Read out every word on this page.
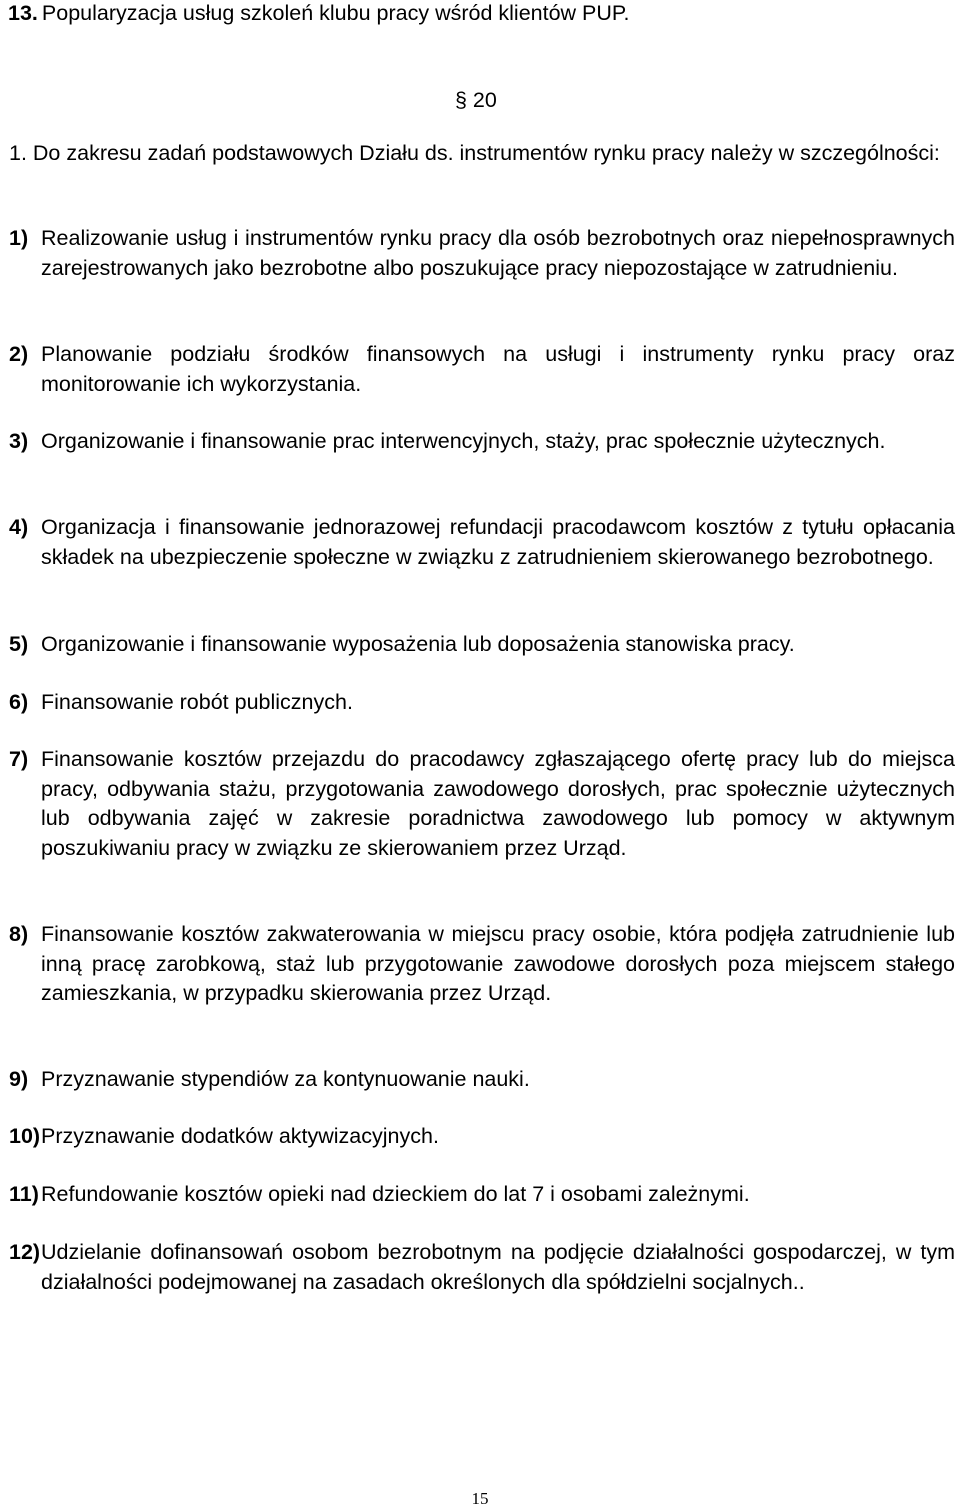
13. Popularyzacja usług szkoleń klubu pracy wśród klientów PUP.
§ 20
1. Do zakresu zadań podstawowych Działu ds. instrumentów rynku pracy należy w szczególności:
1) Realizowanie usług i instrumentów rynku pracy dla osób bezrobotnych oraz niepełnosprawnych zarejestrowanych jako bezrobotne albo poszukujące pracy niepozostające w zatrudnieniu.
2) Planowanie podziału środków finansowych na usługi i instrumenty rynku pracy oraz monitorowanie ich wykorzystania.
3) Organizowanie i finansowanie prac interwencyjnych, staży, prac społecznie użytecznych.
4) Organizacja i finansowanie jednorazowej refundacji pracodawcom kosztów z tytułu opłacania składek na ubezpieczenie społeczne w związku z zatrudnieniem skierowanego bezrobotnego.
5) Organizowanie i finansowanie wyposażenia lub doposażenia stanowiska pracy.
6) Finansowanie robót publicznych.
7) Finansowanie kosztów przejazdu do pracodawcy zgłaszającego ofertę pracy lub do miejsca pracy, odbywania stażu, przygotowania zawodowego dorosłych, prac społecznie użytecznych lub odbywania zajęć w zakresie poradnictwa zawodowego lub pomocy w aktywnym poszukiwaniu pracy w związku ze skierowaniem przez Urząd.
8) Finansowanie kosztów zakwaterowania w miejscu pracy osobie, która podjęła zatrudnienie lub inną pracę zarobkową, staż lub przygotowanie zawodowe dorosłych poza miejscem stałego zamieszkania, w przypadku skierowania przez Urząd.
9) Przyznawanie stypendiów za kontynuowanie nauki.
10) Przyznawanie dodatków aktywizacyjnych.
11) Refundowanie kosztów opieki nad dzieckiem do lat 7 i osobami zależnymi.
12) Udzielanie dofinansowań osobom bezrobotnym na podjęcie działalności gospodarczej, w tym działalności podejmowanej na zasadach określonych dla spółdzielni socjalnych..
15
